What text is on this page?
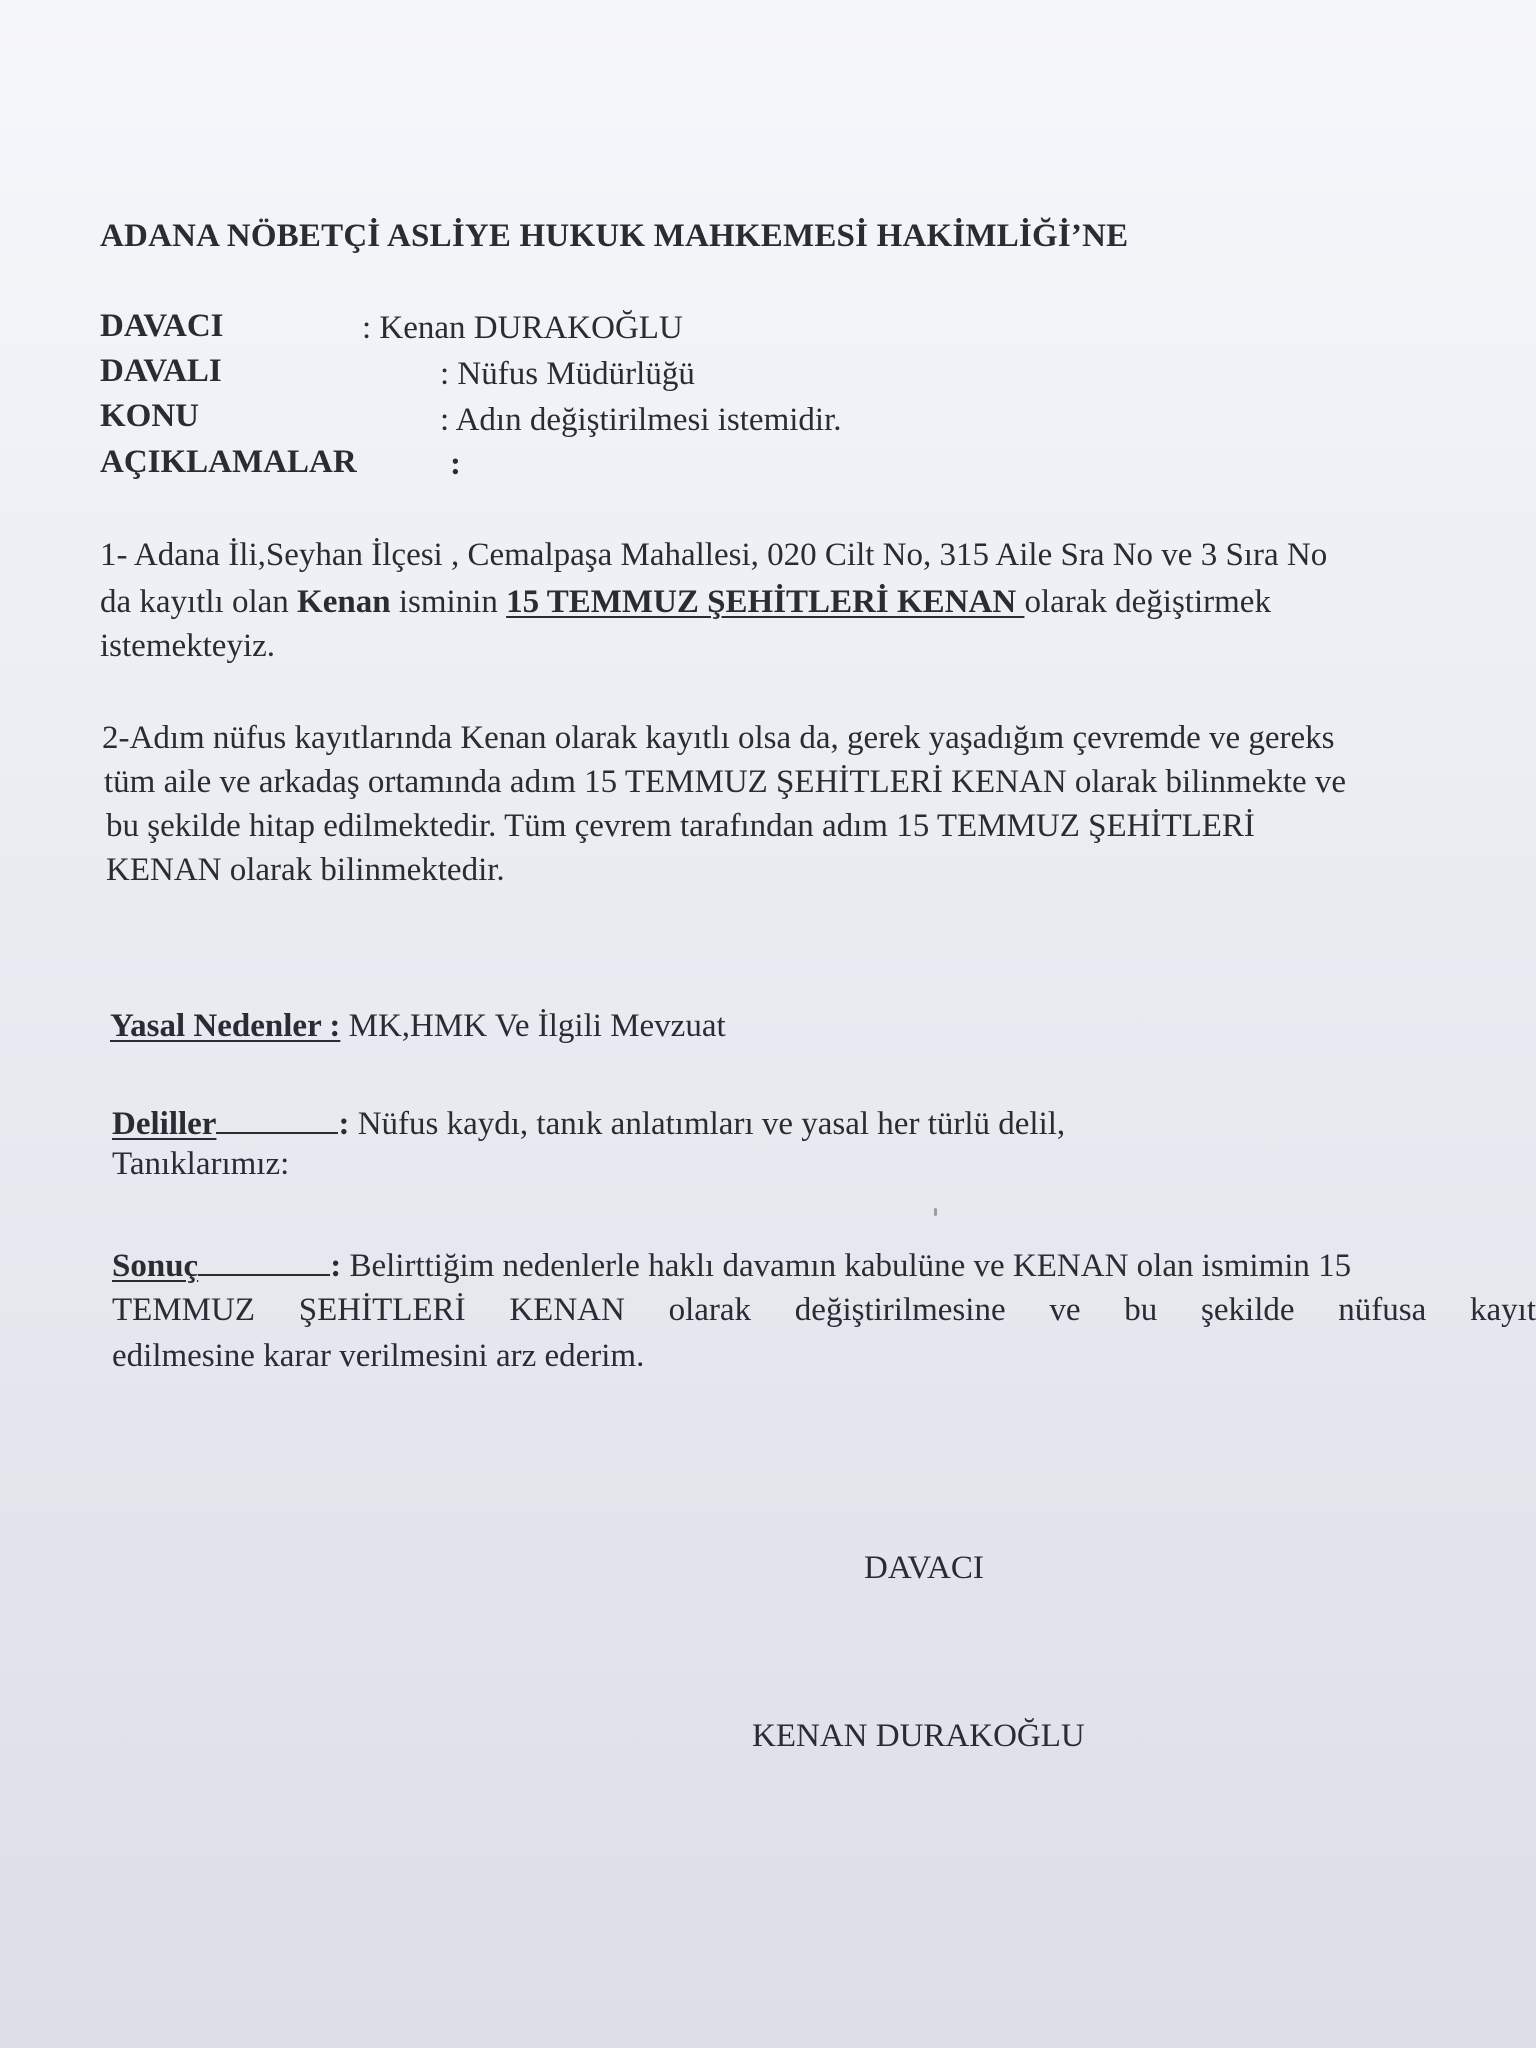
ADANA NÖBETÇİ ASLİYE HUKUK MAHKEMESİ HAKİMLİĞİ’NE
DAVACI	: Kenan DURAKOĞLU
DAVALI	: Nüfus Müdürlüğü
KONU	: Adın değiştirilmesi istemidir.
AÇIKLAMALAR	:
1- Adana İli,Seyhan İlçesi , Cemalpaşa Mahallesi, 020 Cilt No, 315 Aile Sra No ve 3 Sıra No
da kayıtlı olan Kenan isminin 15 TEMMUZ ŞEHİTLERİ KENAN olarak değiştirmek
istemekteyiz.
2-Adım nüfus kayıtlarında Kenan olarak kayıtlı olsa da, gerek yaşadığım çevremde ve gereks
tüm aile ve arkadaş ortamında adım 15 TEMMUZ ŞEHİTLERİ KENAN olarak bilinmekte ve
bu şekilde hitap edilmektedir. Tüm çevrem tarafından adım 15 TEMMUZ ŞEHİTLERİ
KENAN olarak bilinmektedir.
Yasal Nedenler : MK,HMK Ve İlgili Mevzuat
Deliller	: Nüfus kaydı, tanık anlatımları ve yasal her türlü delil,
Tanıklarımız:
Sonuç	: Belirttiğim nedenlerle haklı davamın kabulüne ve KENAN olan ismimin 15
TEMMUZ ŞEHİTLERİ KENAN olarak değiştirilmesine ve bu şekilde nüfusa kayıt
edilmesine karar verilmesini arz ederim.
DAVACI
KENAN DURAKOĞLU
